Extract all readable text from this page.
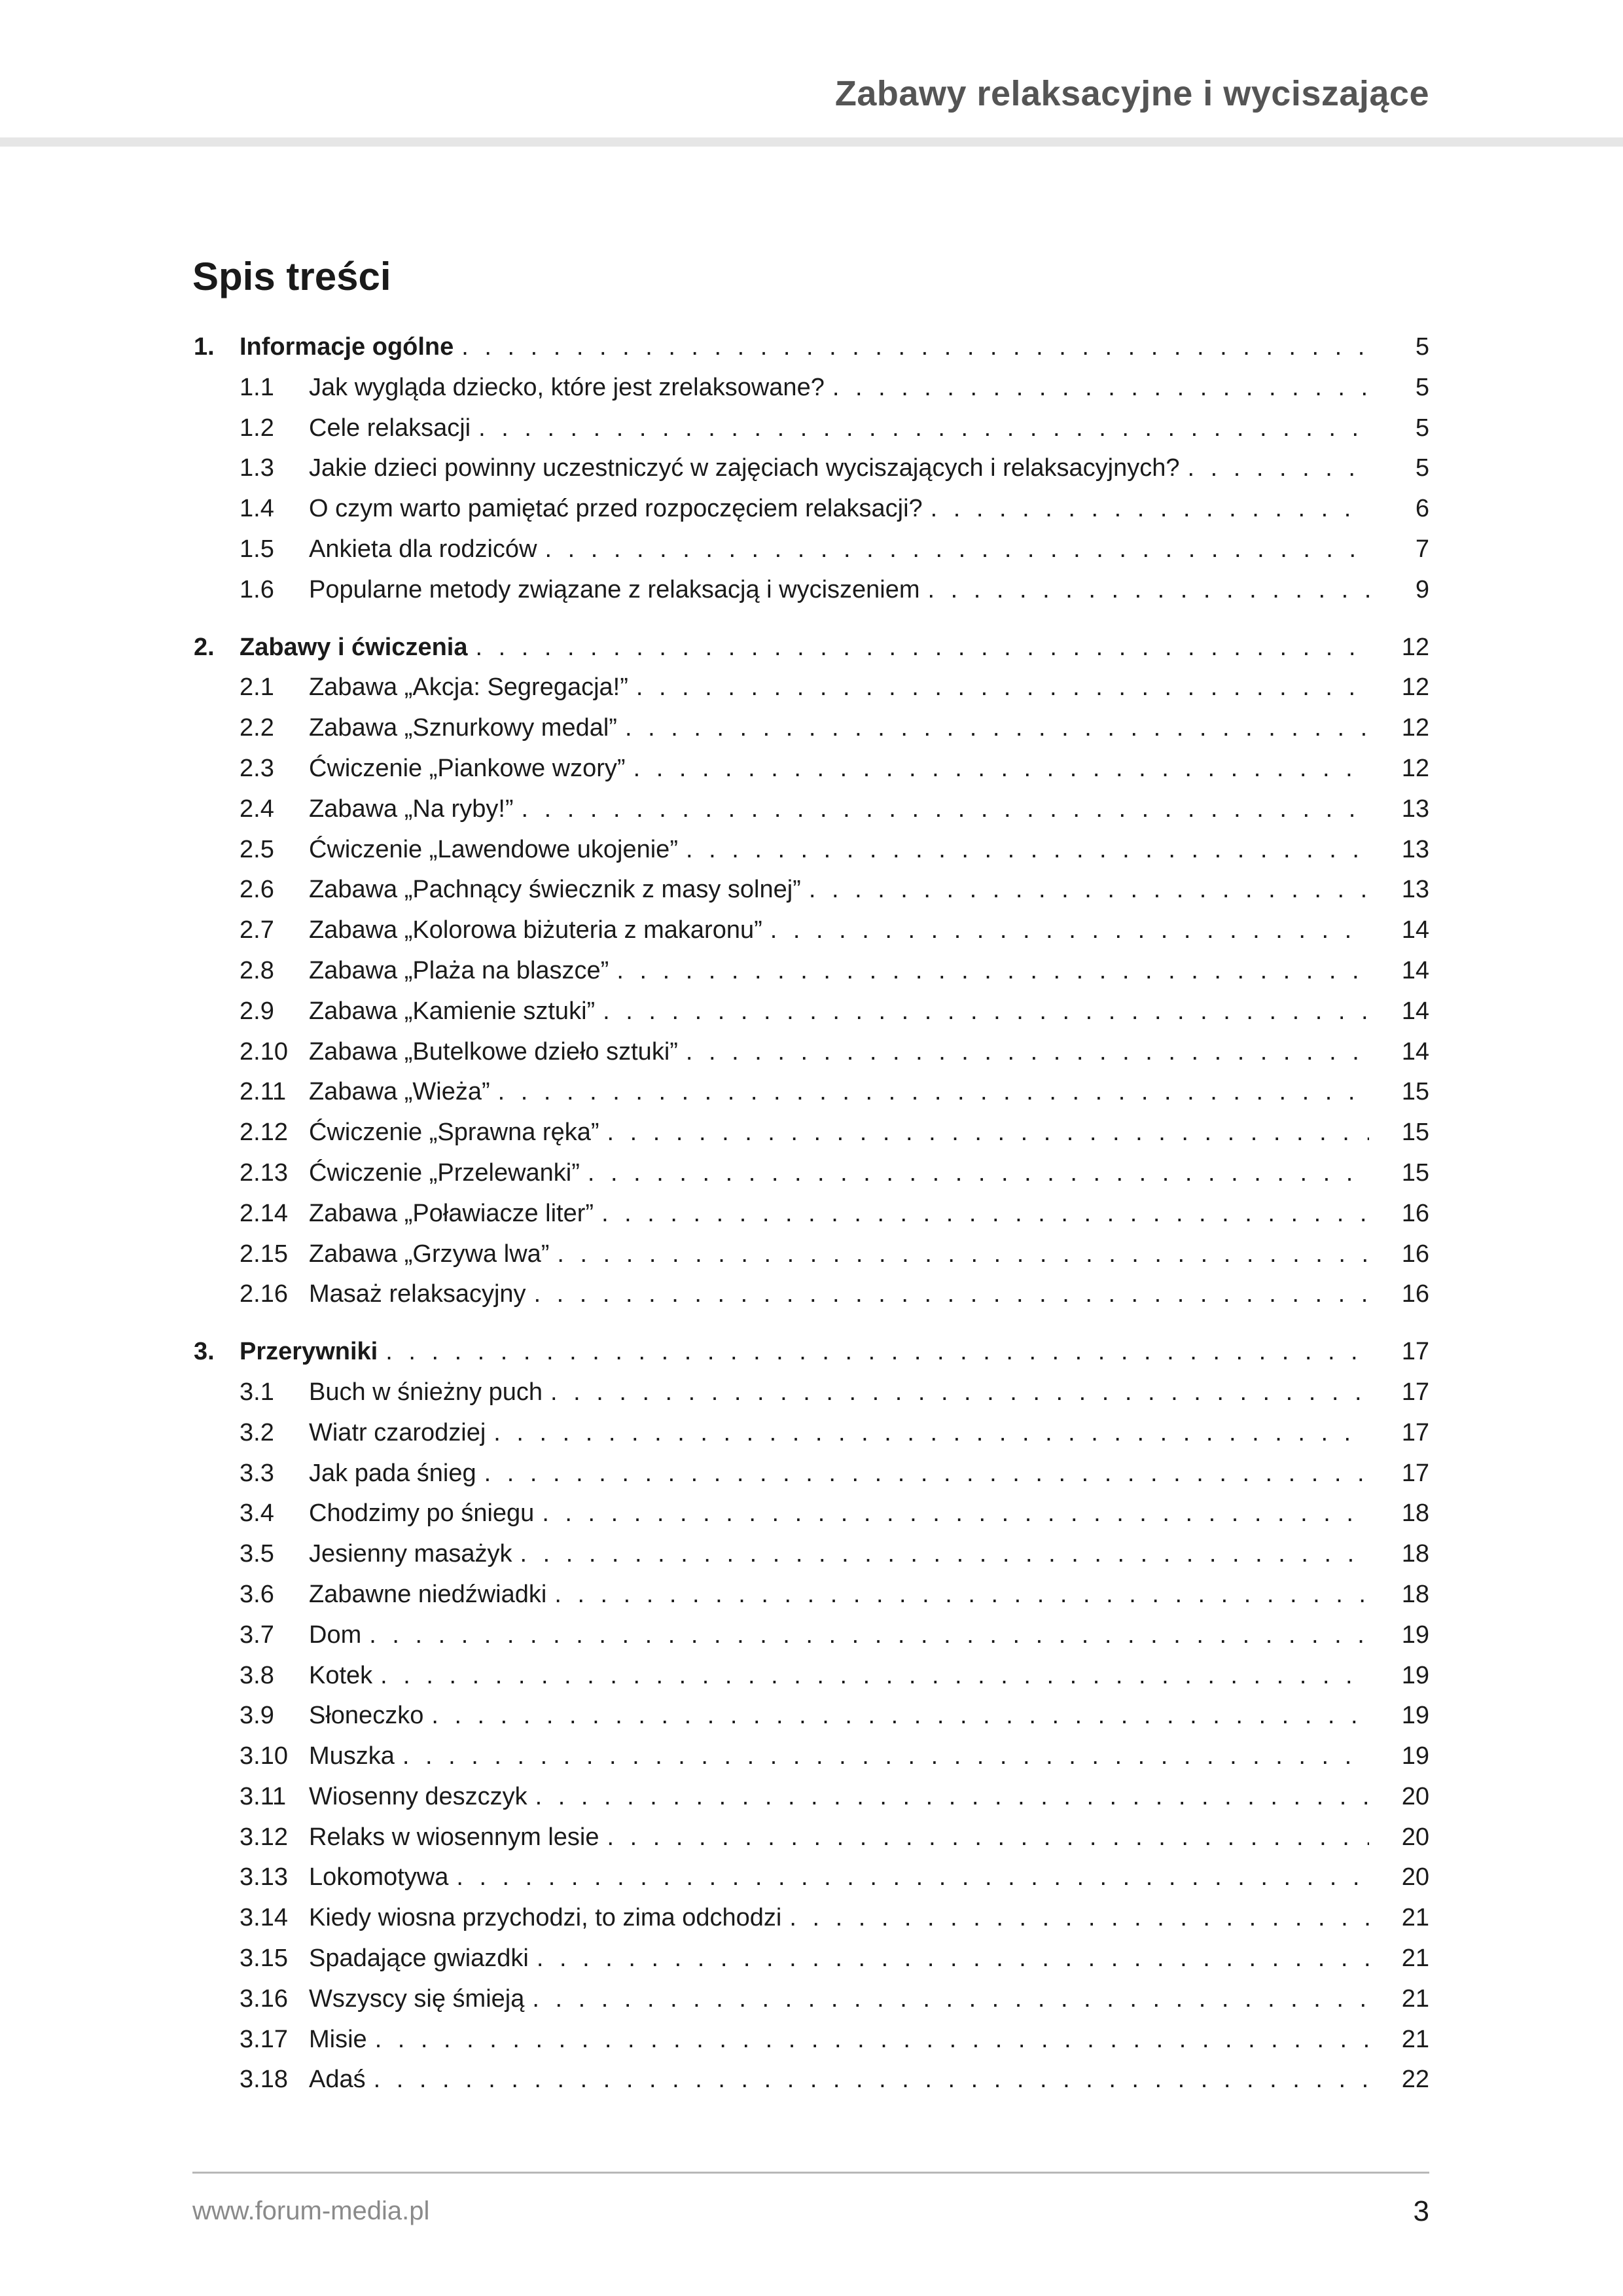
Zabawy relaksacyjne i wyciszające
Spis treści
1.	Informacje ogólne . . .	5
1.1	Jak wygląda dziecko, które jest zrelaksowane? . . .	5
1.2	Cele relaksacji . . .	5
1.3	Jakie dzieci powinny uczestniczyć w zajęciach wyciszających i relaksacyjnych? . . .	5
1.4	O czym warto pamiętać przed rozpoczęciem relaksacji? . . .	6
1.5	Ankieta dla rodziców . . .	7
1.6	Popularne metody związane z relaksacją i wyciszeniem . . .	9
2.	Zabawy i ćwiczenia . . .	12
2.1	Zabawa „Akcja: Segregacja!” . . .	12
2.2	Zabawa „Sznurkowy medal” . . .	12
2.3	Ćwiczenie „Piankowe wzory” . . .	12
2.4	Zabawa „Na ryby!” . . .	13
2.5	Ćwiczenie „Lawendowe ukojenie” . . .	13
2.6	Zabawa „Pachnący świecznik z masy solnej” . . .	13
2.7	Zabawa „Kolorowa biżuteria z makaronu” . . .	14
2.8	Zabawa „Plaża na blaszce” . . .	14
2.9	Zabawa „Kamienie sztuki” . . .	14
2.10 Zabawa „Butelkowe dzieło sztuki” . . .	14
2.11 Zabawa „Wieża” . . .	15
2.12 Ćwiczenie „Sprawna ręka” . . .	15
2.13 Ćwiczenie „Przelewanki” . . .	15
2.14 Zabawa „Poławiacze liter” . . .	16
2.15 Zabawa „Grzywa lwa” . . .	16
2.16 Masaż relaksacyjny . . .	16
3.	Przerywniki . . .	17
3.1	Buch w śnieżny puch . . .	17
3.2	Wiatr czarodziej . . .	17
3.3	Jak pada śnieg . . .	17
3.4	Chodzimy po śniegu . . .	18
3.5	Jesienny masażyk . . .	18
3.6	Zabawne niedźwiadki . . .	18
3.7	Dom . . .	19
3.8	Kotek . . .	19
3.9	Słoneczko . . .	19
3.10 Muszka . . .	19
3.11 Wiosenny deszczyk . . .	20
3.12 Relaks w wiosennym lesie . . .	20
3.13 Lokomotywa . . .	20
3.14 Kiedy wiosna przychodzi, to zima odchodzi . . .	21
3.15 Spadające gwiazdki . . .	21
3.16 Wszyscy się śmieją . . .	21
3.17 Misie . . .	21
3.18 Adaś . . .	22
www.forum-media.pl	3
